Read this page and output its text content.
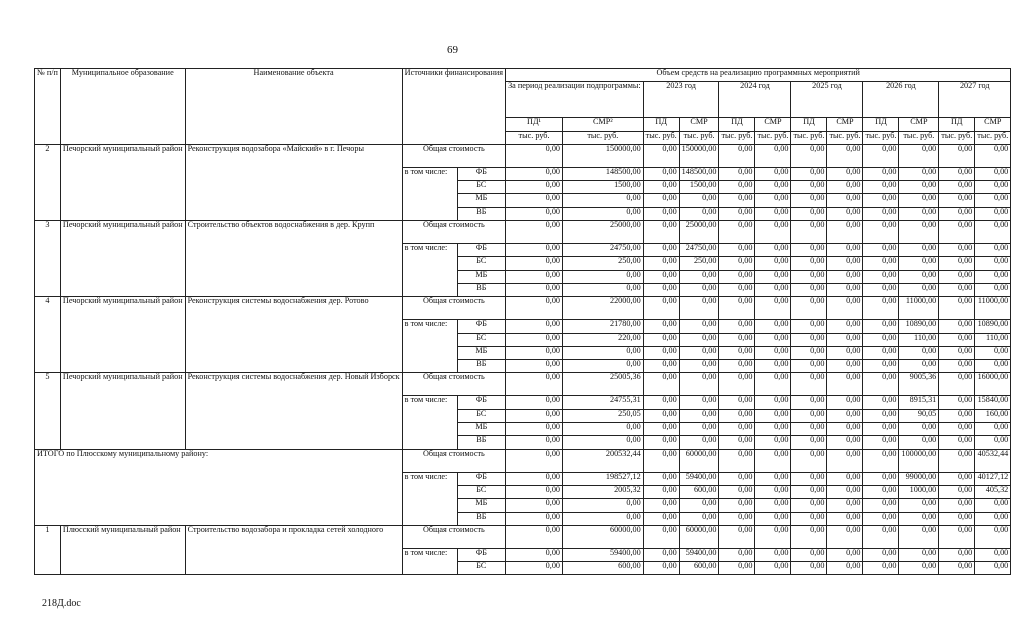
69
№ п/п	Муниципальное образование	Наименование объекта	Источники финансирования		Объем средств на реализацию программных мероприятий											
					За период реализации подпрограммы:		2023 год		2024 год		2025 год		2026 год		2027 год	
					ПД¹	СМР²	ПД	СМР	ПД	СМР	ПД	СМР	ПД	СМР	ПД	СМР
					тыс. руб.	тыс. руб.	тыс. руб.	тыс. руб.	тыс. руб.	тыс. руб.	тыс. руб.	тыс. руб.	тыс. руб.	тыс. руб.	тыс. руб.	тыс. руб.
2	Печорский муниципальный район	Реконструкция водозабора «Майский» в г. Печоры	Общая стоимость		0,00	150000,00	0,00	150000,00	0,00	0,00	0,00	0,00	0,00	0,00	0,00	0,00
			в том числе:	ФБ	0,00	148500,00	0,00	148500,00	0,00	0,00	0,00	0,00	0,00	0,00	0,00	0,00
				БС	0,00	1500,00	0,00	1500,00	0,00	0,00	0,00	0,00	0,00	0,00	0,00	0,00
				МБ	0,00	0,00	0,00	0,00	0,00	0,00	0,00	0,00	0,00	0,00	0,00	0,00
				ВБ	0,00	0,00	0,00	0,00	0,00	0,00	0,00	0,00	0,00	0,00	0,00	0,00
3	Печорский муниципальный район	Строительство объектов водоснабжения в дер. Крупп	Общая стоимость		0,00	25000,00	0,00	25000,00	0,00	0,00	0,00	0,00	0,00	0,00	0,00	0,00
			в том числе:	ФБ	0,00	24750,00	0,00	24750,00	0,00	0,00	0,00	0,00	0,00	0,00	0,00	0,00
				БС	0,00	250,00	0,00	250,00	0,00	0,00	0,00	0,00	0,00	0,00	0,00	0,00
				МБ	0,00	0,00	0,00	0,00	0,00	0,00	0,00	0,00	0,00	0,00	0,00	0,00
				ВБ	0,00	0,00	0,00	0,00	0,00	0,00	0,00	0,00	0,00	0,00	0,00	0,00
4	Печорский муниципальный район	Реконструкция системы водоснабжения дер. Ротово	Общая стоимость		0,00	22000,00	0,00	0,00	0,00	0,00	0,00	0,00	0,00	11000,00	0,00	11000,00
			в том числе:	ФБ	0,00	21780,00	0,00	0,00	0,00	0,00	0,00	0,00	0,00	10890,00	0,00	10890,00
				БС	0,00	220,00	0,00	0,00	0,00	0,00	0,00	0,00	0,00	110,00	0,00	110,00
				МБ	0,00	0,00	0,00	0,00	0,00	0,00	0,00	0,00	0,00	0,00	0,00	0,00
				ВБ	0,00	0,00	0,00	0,00	0,00	0,00	0,00	0,00	0,00	0,00	0,00	0,00
5	Печорский муниципальный район	Реконструкция системы водоснабжения дер. Новый Изборск	Общая стоимость		0,00	25005,36	0,00	0,00	0,00	0,00	0,00	0,00	0,00	9005,36	0,00	16000,00
			в том числе:	ФБ	0,00	24755,31	0,00	0,00	0,00	0,00	0,00	0,00	0,00	8915,31	0,00	15840,00
				БС	0,00	250,05	0,00	0,00	0,00	0,00	0,00	0,00	0,00	90,05	0,00	160,00
				МБ	0,00	0,00	0,00	0,00	0,00	0,00	0,00	0,00	0,00	0,00	0,00	0,00
				ВБ	0,00	0,00	0,00	0,00	0,00	0,00	0,00	0,00	0,00	0,00	0,00	0,00
ИТОГО по Плюсскому муниципальному району:			Общая стоимость		0,00	200532,44	0,00	60000,00	0,00	0,00	0,00	0,00	0,00	100000,00	0,00	40532,44
			в том числе:	ФБ	0,00	198527,12	0,00	59400,00	0,00	0,00	0,00	0,00	0,00	99000,00	0,00	40127,12
				БС	0,00	2005,32	0,00	600,00	0,00	0,00	0,00	0,00	0,00	1000,00	0,00	405,32
				МБ	0,00	0,00	0,00	0,00	0,00	0,00	0,00	0,00	0,00	0,00	0,00	0,00
				ВБ	0,00	0,00	0,00	0,00	0,00	0,00	0,00	0,00	0,00	0,00	0,00	0,00
1	Плюсский муниципальный район	Строительство водозабора и прокладка сетей холодного	Общая стоимость		0,00	60000,00	0,00	60000,00	0,00	0,00	0,00	0,00	0,00	0,00	0,00	0,00
			в том числе:	ФБ	0,00	59400,00	0,00	59400,00	0,00	0,00	0,00	0,00	0,00	0,00	0,00	0,00
				БС	0,00	600,00	0,00	600,00	0,00	0,00	0,00	0,00	0,00	0,00	0,00	0,00
218Д.doc
